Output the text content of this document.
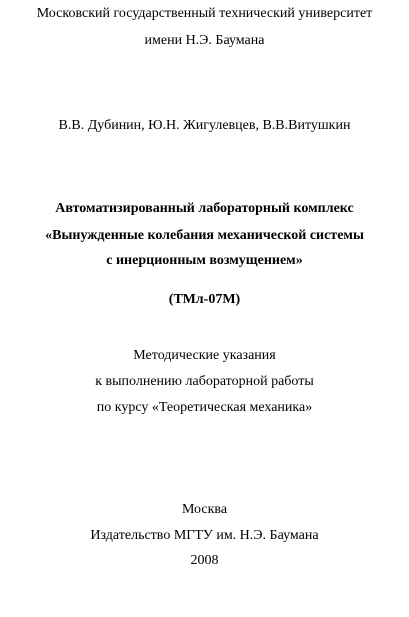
Московский государственный технический университет
имени Н.Э. Баумана
В.В. Дубинин, Ю.Н. Жигулевцев, В.В.Витушкин
Автоматизированный лабораторный комплекс
«Вынужденные колебания механической системы
с инерционным возмущением»
(ТМл-07М)
Методические указания
к выполнению лабораторной работы
по курсу «Теоретическая механика»
Москва
Издательство МГТУ им. Н.Э. Баумана
2008
